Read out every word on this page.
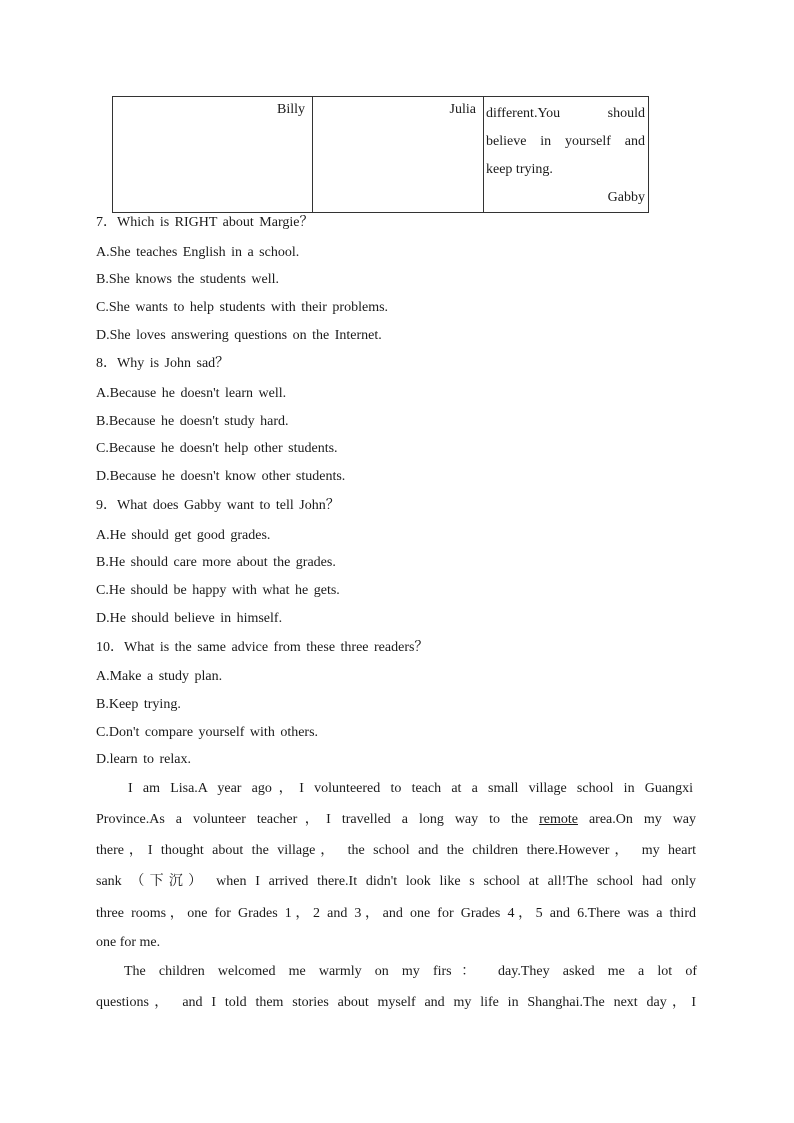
Billy	Julia	different.You should
believe in yourself and
keep trying.
Gabby
7．Which is RIGHT about Margie？
A.She teaches English in a school.
B.She knows the students well.
C.She wants to help students with their problems.
D.She loves answering questions on the Internet.
8．Why is John sad？
A.Because he doesn't learn well.
B.Because he doesn't study hard.
C.Because he doesn't help other students.
D.Because he doesn't know other students.
9．What does Gabby want to tell John？
A.He should get good grades.
B.He should care more about the grades.
C.He should be happy with what he gets.
D.He should believe in himself.
10．What is the same advice from these three readers？
A.Make a study plan.
B.Keep trying.
C.Don't compare yourself with others.
D.learn to relax.
I am Lisa.A year ago，I volunteered to teach at a small village school in Guangxi
Province.As a volunteer teacher，I travelled a long way to the remote area.On my way
there，I thought about the village， the school and the children there.However， my heart
sank （下沉） when I arrived there.It didn't look like s school at all!The school had only
three rooms，one for Grades 1，2 and 3，and one for Grades 4，5 and 6.There was a third
one for me.
The children welcomed me warmly on my firs： day.They asked me a lot of
questions， and I told them stories about myself and my life in Shanghai.The next day，I
